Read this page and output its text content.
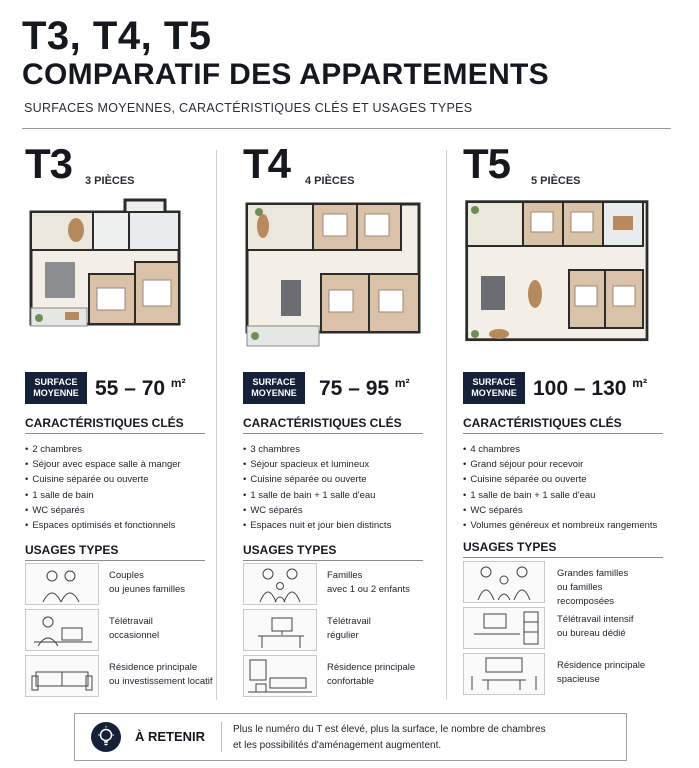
T3, T4, T5
COMPARATIF DES APPARTEMENTS
SURFACES MOYENNES, CARACTÉRISTIQUES CLÉS ET USAGES TYPES
T3 3 PIÈCES
SURFACE
MOYENNE 55 – 70 $^{m^2}$
CARACTÉRISTIQUES CLÉS
• 2 chambres
• Séjour avec espace salle à manger
• Cuisine séparée ou ouverte
• 1 salle de bain
• WC séparés
• Espaces optimisés et fonctionnels
USAGES TYPES
Couples
ou jeunes familles
Télétravail
occasionnel
Résidence principale
ou investissement locatif
T4 4 PIÈCES
SURFACE
MOYENNE 75 – 95 $^{m^2}$
CARACTÉRISTIQUES CLÉS
• 3 chambres
• Séjour spacieux et lumineux
• Cuisine séparée ou ouverte
• 1 salle de bain + 1 salle d'eau
• WC séparés
• Espaces nuit et jour bien distincts
USAGES TYPES
Familles
avec 1 ou 2 enfants
Télétravail
régulier
Résidence principale
confortable
T5 5 PIÈCES
SURFACE
MOYENNE 100 – 130 $^{m^2}$
CARACTÉRISTIQUES CLÉS
• 4 chambres
• Grand séjour pour recevoir
• Cuisine séparée ou ouverte
• 1 salle de bain + 1 salle d'eau
• WC séparés
• Volumes généreux et nombreux rangements
USAGES TYPES
Grandes familles
ou familles recomposées
Télétravail intensif
ou bureau dédié
Résidence principale
spacieuse
À RETENIR	Plus le numéro du T est élevé, plus la surface, le nombre de chambres
et les possibilités d'aménagement augmentent.
